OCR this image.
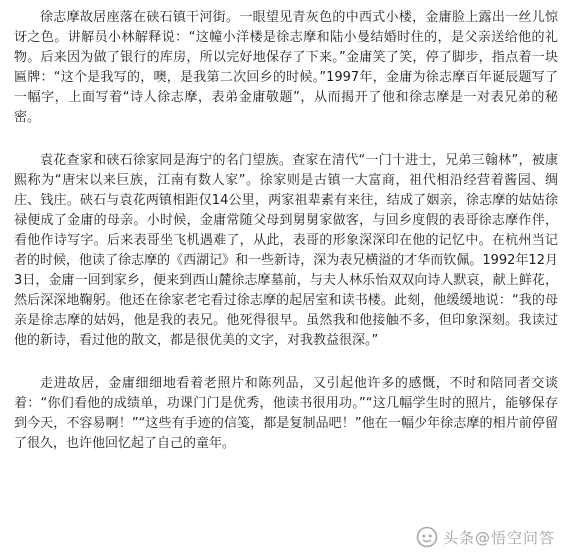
徐志摩故居座落在硖石镇干河街。一眼望见青灰色的中西式小楼，金庸脸上露出一丝儿惊讶之色。讲解员小林解释说：“这幢小洋楼是徐志摩和陆小曼结婚时住的，是父亲送给他的礼物。后来因为做了银行的库房，所以完好地保存了下来。”金庸笑了笑，停了脚步，指点着一块匾牌：“这个是我写的，噢，是我第二次回乡的时候。”1997年，金庸为徐志摩百年诞辰题写了一幅字，上面写着“诗人徐志摩，表弟金庸敬题”，从而揭开了他和徐志摩是一对表兄弟的秘密。

袁花查家和硖石徐家同是海宁的名门望族。查家在清代“一门十进士，兄弟三翰林”，被康熙称为“唐宋以来巨族，江南有数人家”。徐家则是古镇一大富商，祖代相沿经营着酱园、绸庄、钱庄。硖石与袁花两镇相距仅14公里，两家祖辈素有来往，结成了姻亲，徐志摩的姑姑徐禄便成了金庸的母亲。小时候，金庸常随父母到舅舅家做客，与回乡度假的表哥徐志摩作伴，看他作诗写字。后来表哥坐飞机遇难了，从此，表哥的形象深深印在他的记忆中。在杭州当记者的时候，他读了徐志摩的《西湖记》和一些新诗，深为表兄横溢的才华而钦佩。1992年12月3日，金庸一回到家乡，便来到西山麓徐志摩墓前，与夫人林乐怡双双向诗人默哀，献上鲜花，然后深深地鞠躬。他还在徐家老宅看过徐志摩的起居室和读书楼。此刻，他缓缓地说：“我的母亲是徐志摩的姑妈，他是我的表兄。他死得很早。虽然我和他接触不多，但印象深刻。我读过他的新诗，看过他的散文，都是很优美的文字，对我教益很深。”

走进故居，金庸细细地看着老照片和陈列品，又引起他许多的感慨，不时和陪同者交谈着：“你们看他的成绩单，功课门门是优秀，他读书很用功。”“这几幅学生时的照片，能够保存到今天，不容易啊！”“这些有手迹的信笺，都是复制品吧！”他在一幅少年徐志摩的相片前停留了很久，也许他回忆起了自己的童年。

头条@悟空问答
